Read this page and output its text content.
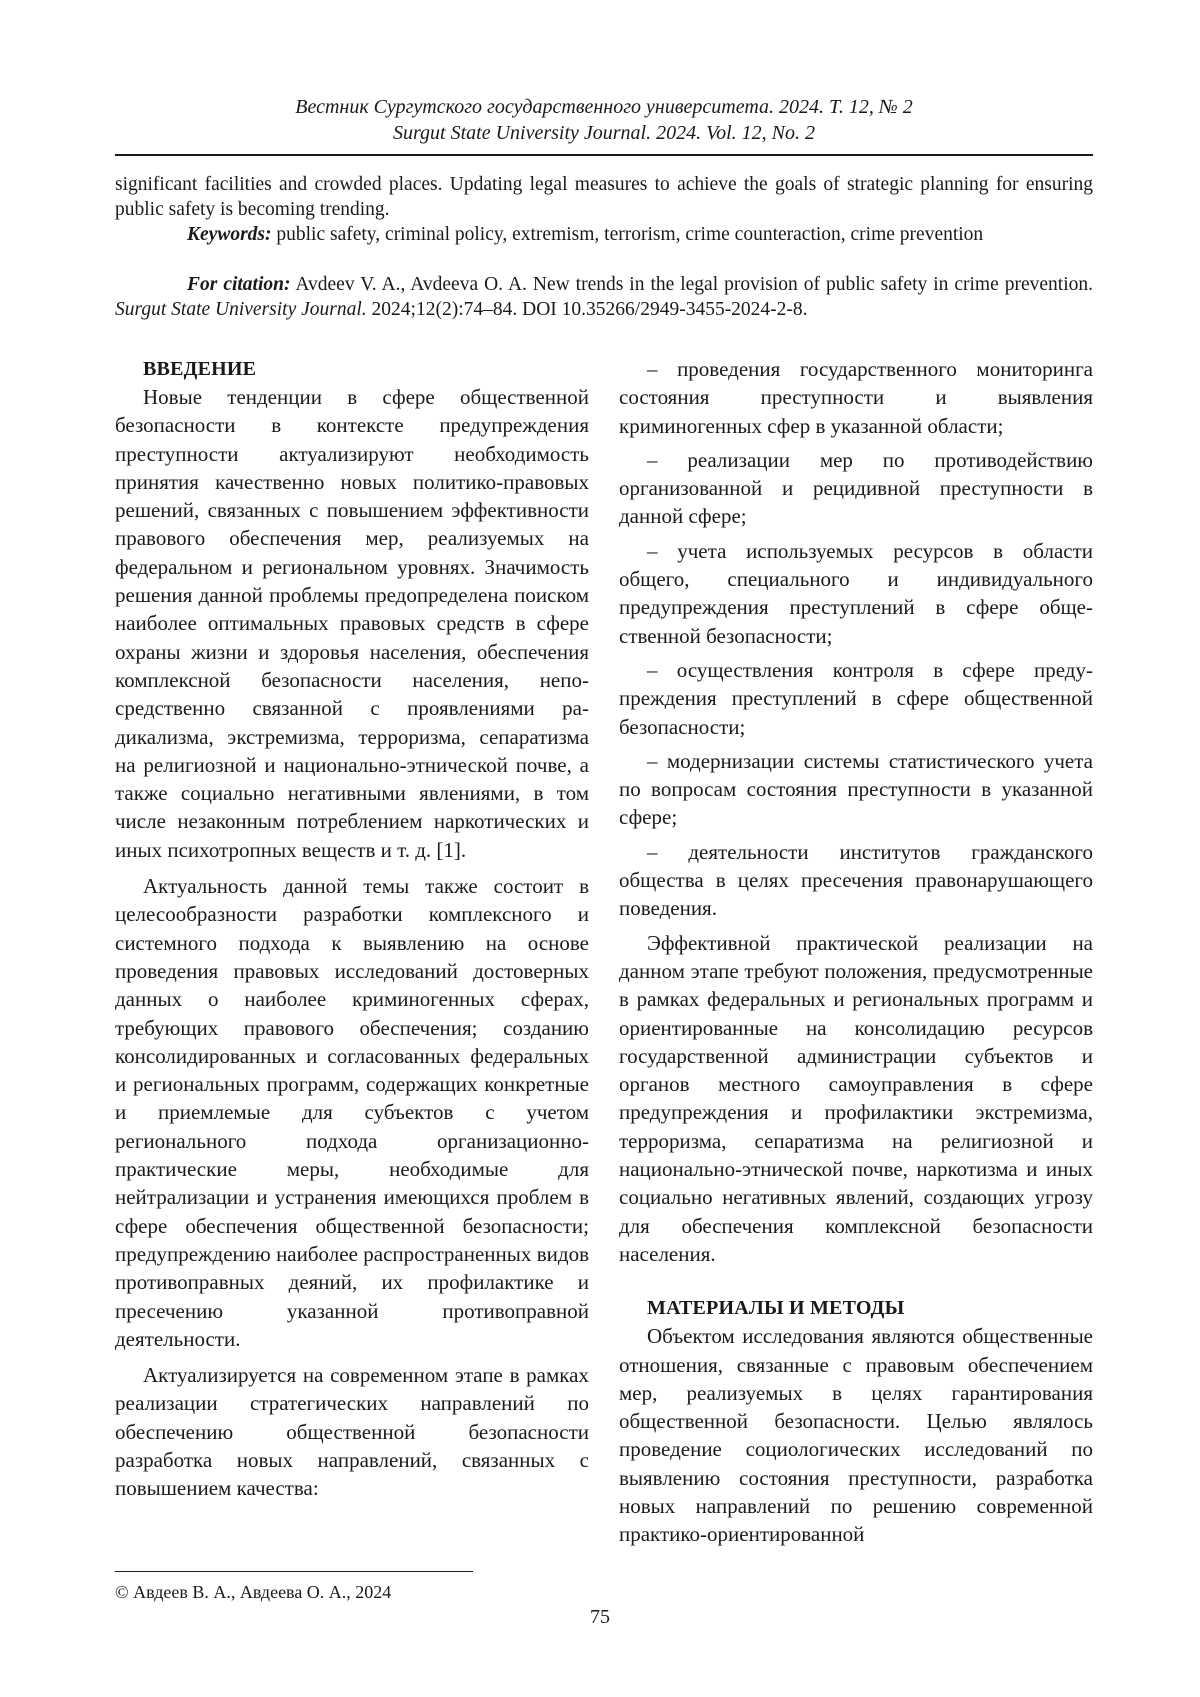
Вестник Сургутского государственного университета. 2024. Т. 12, № 2
Surgut State University Journal. 2024. Vol. 12, No. 2

significant facilities and crowded places. Updating legal measures to achieve the goals of strategic planning for ensuring public safety is becoming trending.

Keywords: public safety, criminal policy, extremism, terrorism, crime counteraction, crime prevention

For citation: Avdeev V. A., Avdeeva O. A. New trends in the legal provision of public safety in crime prevention. Surgut State University Journal. 2024;12(2):74–84. DOI 10.35266/2949-3455-2024-2-8.

ВВЕДЕНИЕ

Новые тенденции в сфере общественной безопасности в контексте предупреждения преступности актуализируют необходимость принятия качественно новых политико-правовых решений, связанных с повышением эффективности правового обеспечения мер, реализуемых на федеральном и региональном уровнях. Значимость решения данной проблемы предопределена поиском наиболее оптимальных правовых средств в сфере охраны жизни и здоровья населения, обеспечения комплексной безопасности населения, непосредственно связанной с проявлениями радикализма, экстремизма, терроризма, сепаратизма на религиозной и национально-этнической почве, а также социально негативными явлениями, в том числе незаконным потреблением наркотических и иных психотропных веществ и т. д. [1].

Актуальность данной темы также состоит в целесообразности разработки комплексного и системного подхода к выявлению на основе проведения правовых исследований достоверных данных о наиболее криминогенных сферах, требующих правового обеспечения; созданию консолидированных и согласованных федеральных и региональных программ, содержащих конкретные и приемлемые для субъектов с учетом регионального подхода организационно-практические меры, необходимые для нейтрализации и устранения имеющихся проблем в сфере обеспечения общественной безопасности; предупреждению наиболее распространенных видов противоправных деяний, их профилактике и пресечению указанной противоправной деятельности.

Актуализируется на современном этапе в рамках реализации стратегических направлений по обеспечению общественной безопасности разработка новых направлений, связанных с повышением качества:

– проведения государственного мониторинга состояния преступности и выявления криминогенных сфер в указанной области;

– реализации мер по противодействию организованной и рецидивной преступности в данной сфере;

– учета используемых ресурсов в области общего, специального и индивидуального предупреждения преступлений в сфере общественной безопасности;

– осуществления контроля в сфере предупреждения преступлений в сфере общественной безопасности;

– модернизации системы статистического учета по вопросам состояния преступности в указанной сфере;

– деятельности институтов гражданского общества в целях пресечения правонарушающего поведения.

Эффективной практической реализации на данном этапе требуют положения, предусмотренные в рамках федеральных и региональных программ и ориентированные на консолидацию ресурсов государственной администрации субъектов и органов местного самоуправления в сфере предупреждения и профилактики экстремизма, терроризма, сепаратизма на религиозной и национально-этнической почве, наркотизма и иных социально негативных явлений, создающих угрозу для обеспечения комплексной безопасности населения.

МАТЕРИАЛЫ И МЕТОДЫ

Объектом исследования являются общественные отношения, связанные с правовым обеспечением мер, реализуемых в целях гарантирования общественной безопасности. Целью являлось проведение социологических исследований по выявлению состояния преступности, разработка новых направлений по решению современной практико-ориентированной

© Авдеев В. А., Авдеева О. А., 2024
75
